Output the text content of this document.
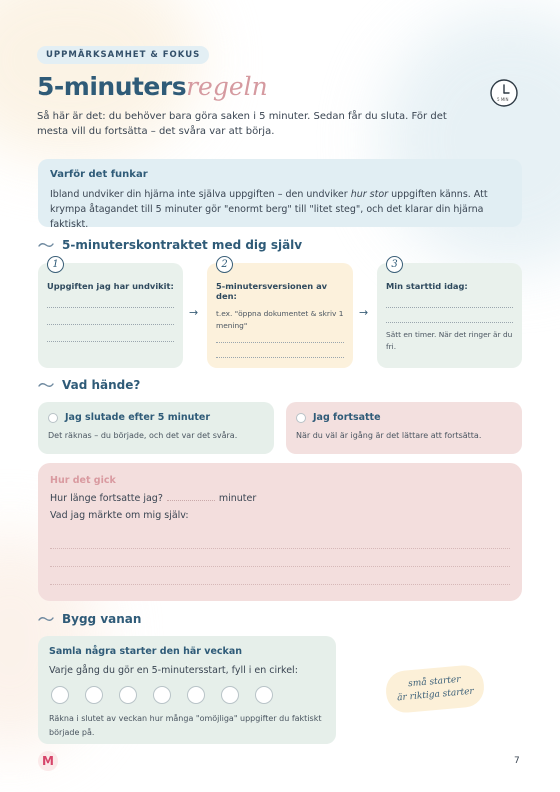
UPPMÄRKSAMHET & FOKUS
5-minutersregeln	5 MIN

Så här är det: du behöver bara göra saken i 5 minuter. Sedan får du sluta. För det mesta vill du fortsätta – det svåra var att börja.

Varför det funkar
Ibland undviker din hjärna inte själva uppgiften – den undviker hur stor uppgiften känns. Att krympa åtagandet till 5 minuter gör "enormt berg" till "litet steg", och det klarar din hjärna faktiskt.
5-minuterskontraktet med dig själv
1
Uppgiften jag har undvikit:
→
2
5-minutersversionen av den:
t.ex. "öppna dokumentet & skriv 1 mening"
→
3
Min starttid idag:
Sätt en timer. När det ringer är du fri.
Vad hände?
Jag slutade efter 5 minuter
Det räknas – du började, och det var det svåra.
Jag fortsatte
När du väl är igång är det lättare att fortsätta.
Hur det gick
Hur länge fortsatte jag?	minuter
Vad jag märkte om mig själv:
Bygg vanan
Samla några starter den här veckan
Varje gång du gör en 5-minutersstart, fyll i en cirkel:
Räkna i slutet av veckan hur många "omöjliga" uppgifter du faktiskt började på.
små starter
är riktiga starter
M	7
